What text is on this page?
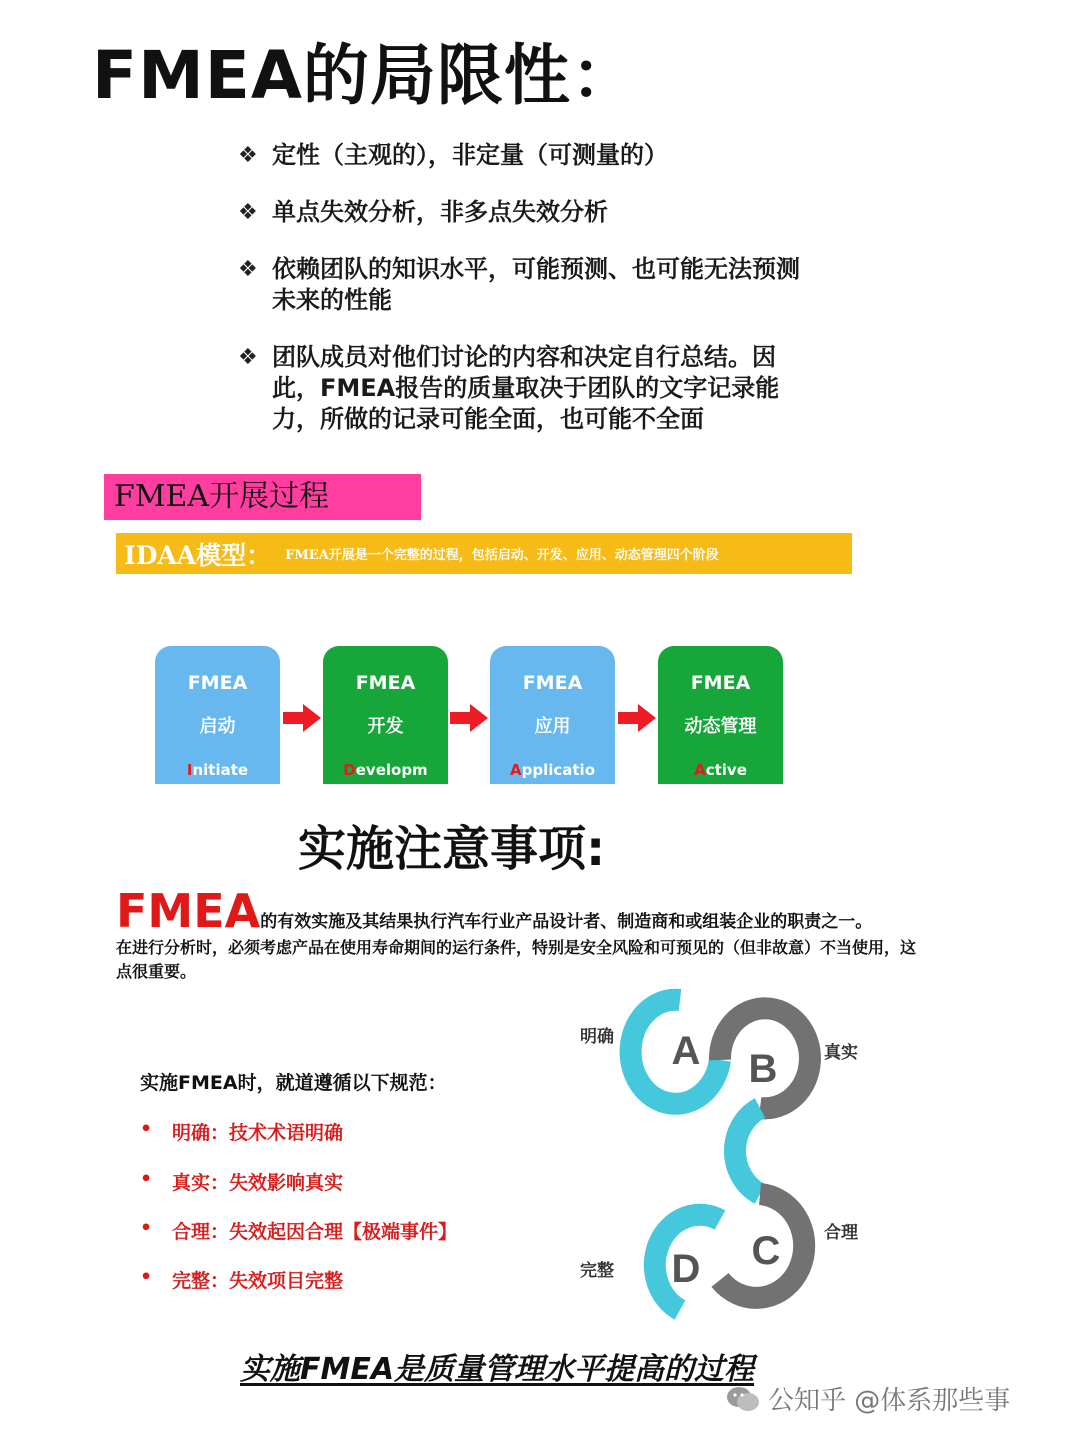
FMEA的局限性：
❖ 定性（主观的），非定量（可测量的）
❖ 单点失效分析，非多点失效分析
❖ 依赖团队的知识水平，可能预测、也可能无法预测未来的性能
❖ 团队成员对他们讨论的内容和决定自行总结。因此，FMEA报告的质量取决于团队的文字记录能力，所做的记录可能全面，也可能不全面
FMEA开展过程
IDAA模型： FMEA开展是一个完整的过程，包括启动、开发、应用、动态管理四个阶段
FMEA
启动
Initiate
FMEA
开发
Developm
FMEA
应用
Applicatio
FMEA
动态管理
Active
实施注意事项:
FMEA的有效实施及其结果执行汽车行业产品设计者、制造商和或组装企业的职责之一。
在进行分析时，必须考虑产品在使用寿命期间的运行条件，特别是安全风险和可预见的（但非故意）不当使用，这点很重要。
实施FMEA时，就道遵循以下规范：
•	明确：技术术语明确
•	真实：失效影响真实
•	合理：失效起因合理【极端事件】
•	完整：失效项目完整
A B
C
D
明确
真实
合理
完整
实施FMEA是质量管理水平提高的过程
公知乎 @体系那些事
